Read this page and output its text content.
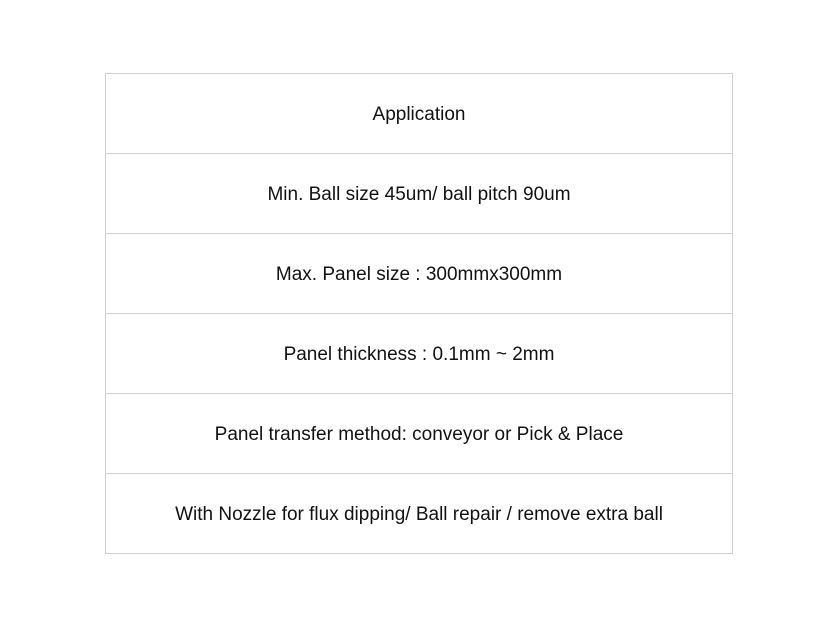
Application
Min. Ball size 45um/ ball pitch 90um
Max. Panel size : 300mmx300mm
Panel thickness : 0.1mm ~ 2mm
Panel transfer method: conveyor or Pick & Place
With Nozzle for flux dipping/ Ball repair / remove extra ball
